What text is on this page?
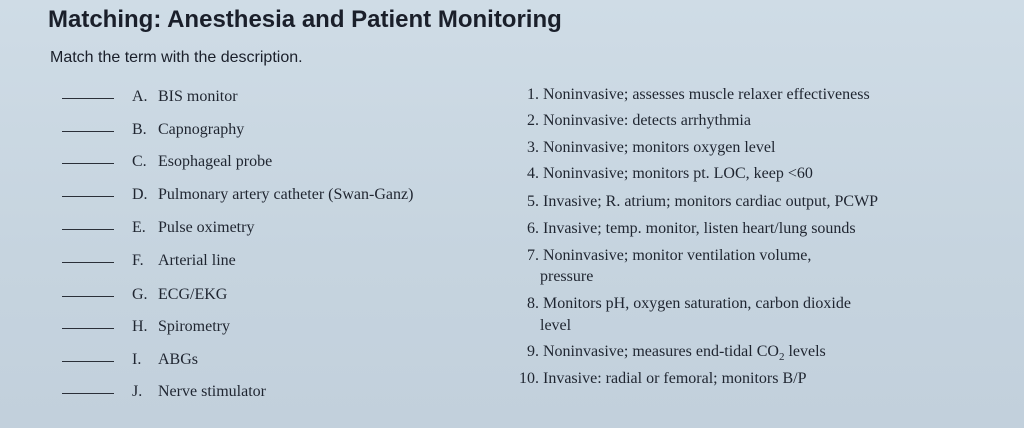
Matching: Anesthesia and Patient Monitoring
Match the term with the description.
A. BIS monitor
B. Capnography
C. Esophageal probe
D. Pulmonary artery catheter (Swan-Ganz)
E. Pulse oximetry
F. Arterial line
G. ECG/EKG
H. Spirometry
I. ABGs
J. Nerve stimulator
1. Noninvasive; assesses muscle relaxer effectiveness
2. Noninvasive: detects arrhythmia
3. Noninvasive; monitors oxygen level
4. Noninvasive; monitors pt. LOC, keep <60
5. Invasive; R. atrium; monitors cardiac output, PCWP
6. Invasive; temp. monitor, listen heart/lung sounds
7. Noninvasive; monitor ventilation volume,
pressure
8. Monitors pH, oxygen saturation, carbon dioxide
level
9. Noninvasive; measures end-tidal $CO_2$ levels
10. Invasive: radial or femoral; monitors B/P
